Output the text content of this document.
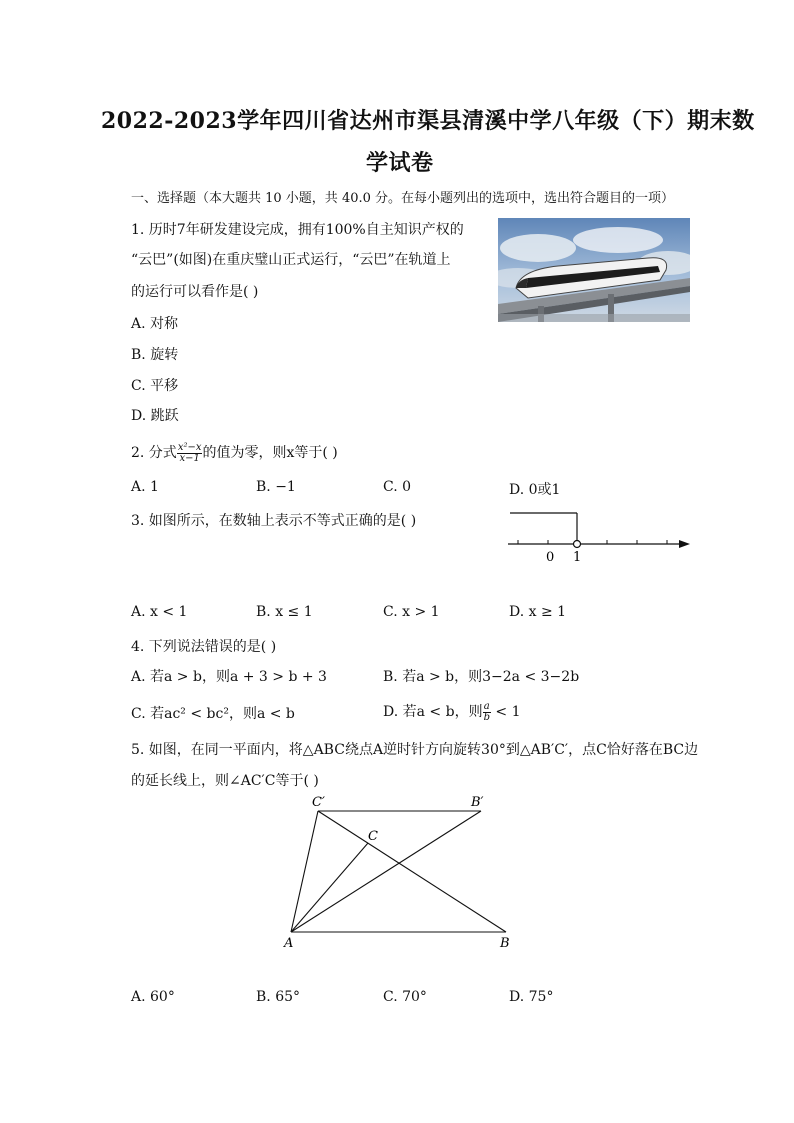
2022-2023学年四川省达州市渠县清溪中学八年级（下）期末数
学试卷
一、选择题（本大题共 10 小题，共 40.0 分。在每小题列出的选项中，选出符合题目的一项）
1. 历时7年研发建设完成，拥有100%自主知识产权的
“云巴”(如图)在重庆璧山正式运行，“云巴”在轨道上
的运行可以看作是( )
A. 对称
B. 旋转
C. 平移
D. 跳跃
2. 分式 $\frac{\text{x²−x}}{x-1}$ 的值为零，则x等于( )
A. 1	B. −1	C. 0	D. 0或1
3. 如图所示，在数轴上表示不等式正确的是( )
0 1
A. x < 1	B. x ≤ 1	C. x > 1	D. x ≥ 1
4. 下列说法错误的是( )
A. 若a > b，则a + 3 > b + 3	B. 若a > b，则3−2a < 3−2b
C. 若ac² < bc²，则a < b	D. 若a < b，则 $\frac{a}{b} < 1$
5. 如图，在同一平面内，将△ABC绕点A逆时针方向旋转30°到△AB′C′，点C恰好落在BC边
的延长线上，则∠AC′C等于( )
C′	B′
C
A	B
A. 60°	B. 65°	C. 70°	D. 75°
